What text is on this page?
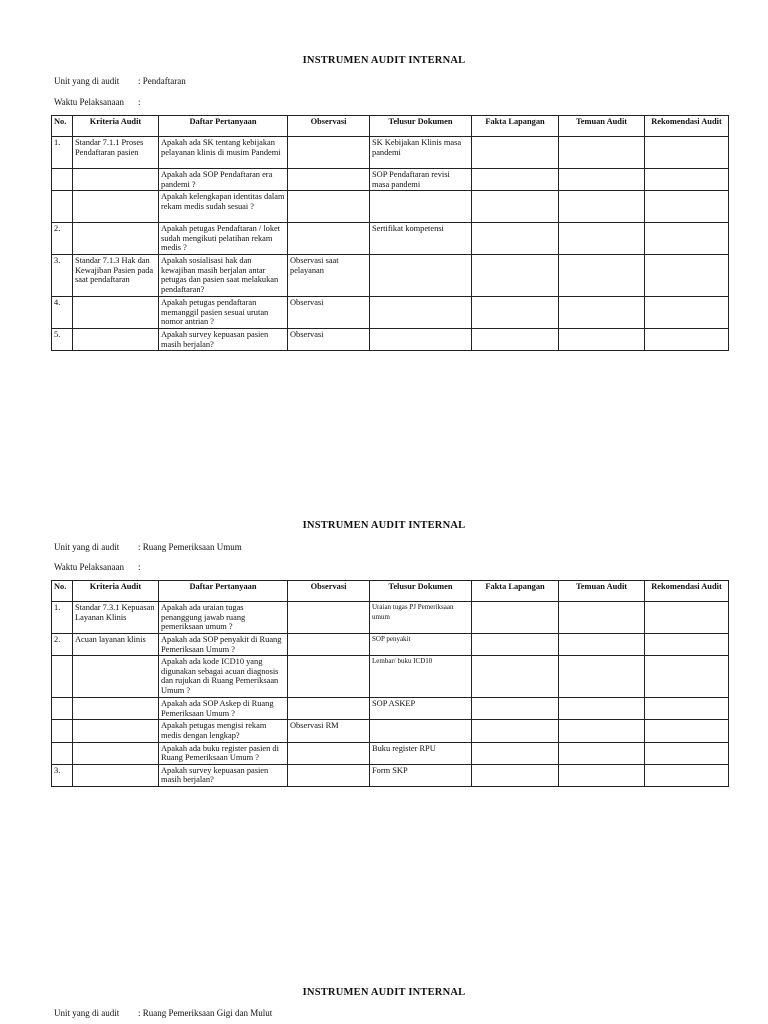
INSTRUMEN AUDIT INTERNAL
Unit yang di audit : Pendaftaran
Waktu Pelaksanaan :
No.	Kriteria Audit	Daftar Pertanyaan	Observasi	Telusur Dokumen	Fakta Lapangan	Temuan Audit	Rekomendasi Audit
1.	Standar 7.1.1 Proses Pendaftaran pasien	Apakah ada SK tentang kebijakan pelayanan klinis di musim Pandemi		SK Kebijakan Klinis masa pandemi			
		Apakah ada SOP Pendaftaran era pandemi ?		SOP Pendaftaran revisi masa pandemi			
		Apakah kelengkapan identitas dalam rekam medis sudah sesuai ?					
2.		Apakah petugas Pendaftaran / loket sudah mengikuti pelatihan rekam medis ?		Sertifikat kompetensi			
3.	Standar 7.1.3 Hak dan Kewajiban Pasien pada saat pendaftaran	Apakah sosialisasi hak dan kewajiban masih berjalan antar petugas dan pasien saat melakukan pendaftaran?	Observasi saat pelayanan				
4.		Apakah petugas pendaftaran memanggil pasien sesuai urutan nomor antrian ?	Observasi				
5.		Apakah survey kepuasan pasien masih berjalan?	Observasi				
INSTRUMEN AUDIT INTERNAL
Unit yang di audit : Ruang Pemeriksaan Umum
Waktu Pelaksanaan :
No.	Kriteria Audit	Daftar Pertanyaan	Observasi	Telusur Dokumen	Fakta Lapangan	Temuan Audit	Rekomendasi Audit
1.	Standar 7.3.1 Kepuasan Layanan Klinis	Apakah ada uraian tugas penanggung jawab ruang pemeriksaan umum ?		Uraian tugas PJ Pemeriksaan umum			
2.	Acuan layanan klinis	Apakah ada SOP penyakit di Ruang Pemeriksaan Umum ?		SOP penyakit			
		Apakah ada kode ICD10 yang digunakan sebagai acuan diagnosis dan rujukan di Ruang Pemeriksaan Umum ?		Lembar/ buku ICD10			
		Apakah ada SOP Askep di Ruang Pemeriksaan Umum ?		SOP ASKEP			
		Apakah petugas mengisi rekam medis dengan lengkap?	Observasi RM				
		Apakah ada buku register pasien di Ruang Pemeriksaan Umum ?		Buku register RPU			
3.		Apakah survey kepuasan pasien masih berjalan?		Form SKP			
INSTRUMEN AUDIT INTERNAL
Unit yang di audit : Ruang Pemeriksaan Gigi dan Mulut
